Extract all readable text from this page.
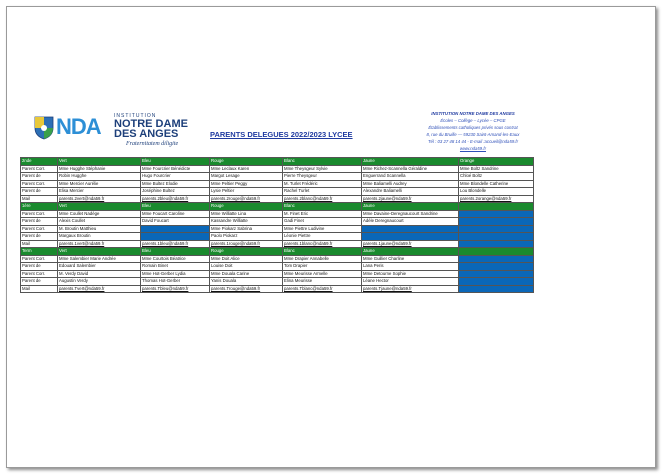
NDA	INSTITUTION
NOTRE DAME
DES ANGES
Fraternitatem diligite
PARENTS DELEGUES 2022/2023 LYCEE
INSTITUTION NOTRE DAME DES ANGES
Écoles – Collège – Lycée – CPGE
Établissements catholiques privés sous contrat
8, rue du Bruille — 59230 Saint-Amand-les-Eaux
Tél : 03 27 48 14 44 - E-mail :accueil@nda59.fr
www.nda59.fr
2nde	Vert	Bleu	Rouge	Blanc	Jaune	Orange
Parent Corr.	Mme Hugghe Stéphanie	Mme Fourcrier Bénédicte	Mme Leclaux Karen	Mme Theysgeur Sylvie	Mme Richez-Scannella Géraldine	Mme Boltz Sandrine
Parent de	Robin Hugghe	Hugo Fourcrier	Margot Lesage	Pierre Theysgeur	Enguerrand Scannella	Chloé Boltz
Parent Corr.	Mme Mercier Aurélie	Mme Bultez Elodie	Mme Peltier Peggy	M. Turlet Frédéric	Mme Baliamelli Audrey	Mme Blondelle Catherine
Parent de	Elisa Mercier	Joséphine Bultez	Lysie Peltier	Rachel Turlet	Alexandre Baliamelli	Lou Blondelle
Mail	parents.2vert@nda59.fr	parents.2bleu@nda59.fr	parents.2rouge@nda59.fr	parents.2blanc@nda59.fr	parents.2jaune@nda59.fr	parents.2orange@nda59.fr
1ère	Vert	Bleu	Rouge	Blanc	Jaune	
Parent Corr.	Mme Coullet Nadège	Mme Foucart Caroline	Mme Williatte Lina	M. Finet Eric	Mme Davaine-Deregnaucourt Sandrine	
Parent de	Alexis Coullet	David Foucart	Kassandre Williatte	Gadi Finet	Adèle Deregnaucourt	
Parent Corr.	M. Broutin Matthieu		Mme Piokarz Sabrina	Mme Piettre Ludivine		
Parent de	Margaux Broutin		Paolo Piokarz	Léonie Piettre		
Mail	parents.1vert@nda59.fr	parents.1bleu@nda59.fr	parents.1rouge@nda59.fr	parents.1blanc@nda59.fr	parents.1jaune@nda59.fr	
Term	Vert	Bleu	Rouge	Blanc	Jaune	
Parent Corr.	Mme Salembier Marie Andrée	Mme Courtois Béatrice	Mme Doit Alice	Mme Drapier Annabelle	Mme Guillier Charline	
Parent de	Edouard Salembier	Romain Binet	Louise Doit	Tom Drapier	Lana Peris	
Parent Corr.	M. Verdy David	Mme Hot-Gerber Lydia	Mme Douala Carine	Mme Meurisse Armelle	Mme Detourne Sophie	
Parent de	Augustin Verdy	Thomas Hot-Gerber	Yanis Douala	Elina Meurisse	Léane Hector	
Mail	parents.Tvert@nda59.fr	parents.Tbleu@nda59.fr	parents.Trouge@nda59.fr	parents.Tblanc@nda59.fr	parents.Tjaune@nda59.fr	
